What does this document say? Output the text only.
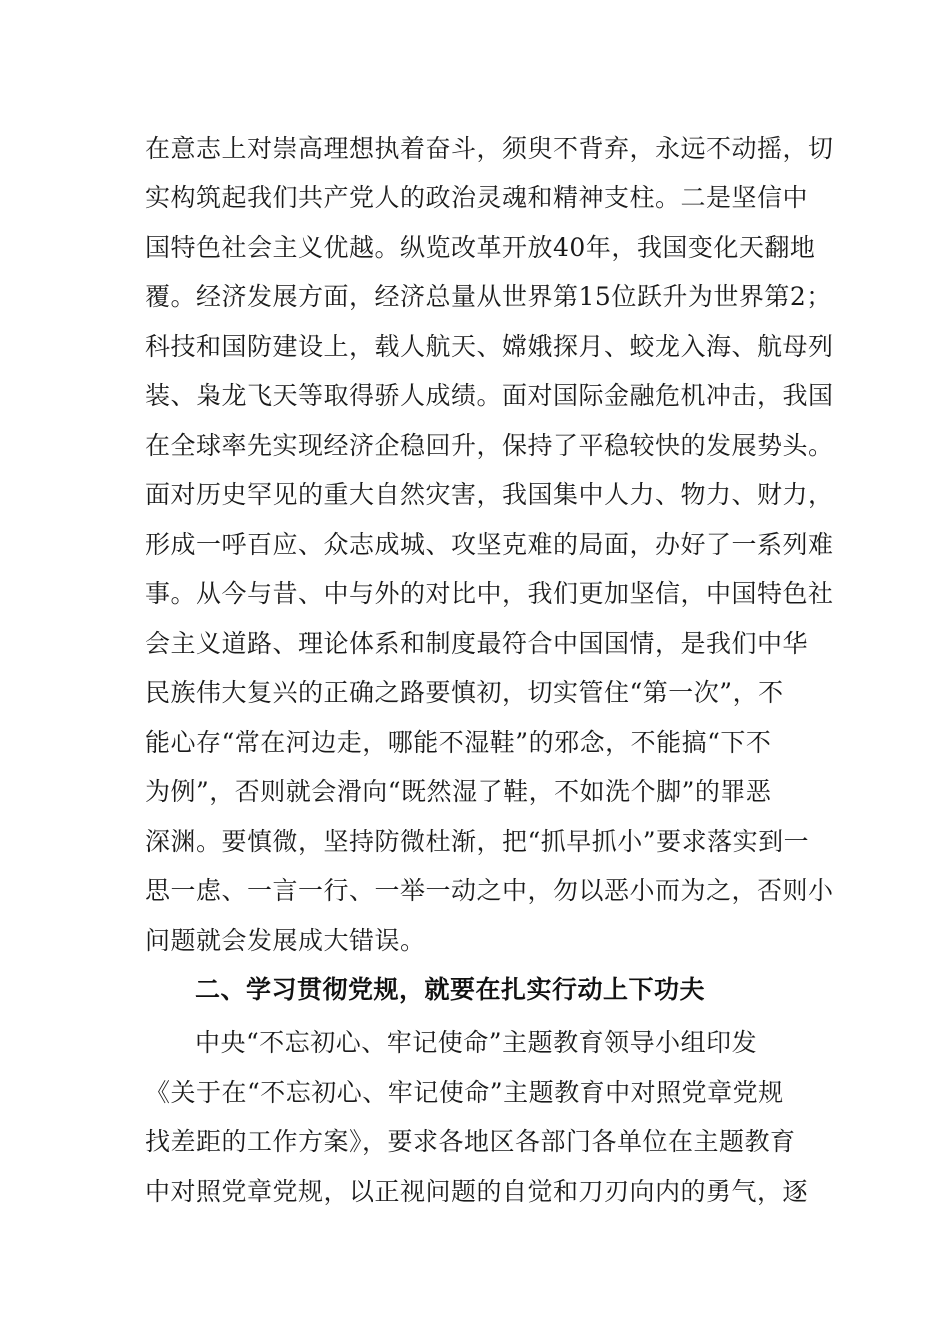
在意志上对崇高理想执着奋斗，须臾不背弃，永远不动摇，切
实构筑起我们共产党人的政治灵魂和精神支柱。二是坚信中
国特色社会主义优越。纵览改革开放40年，我国变化天翻地
覆。经济发展方面，经济总量从世界第15位跃升为世界第2；
科技和国防建设上，载人航天、嫦娥探月、蛟龙入海、航母列
装、枭龙飞天等取得骄人成绩。面对国际金融危机冲击，我国
在全球率先实现经济企稳回升，保持了平稳较快的发展势头。
面对历史罕见的重大自然灾害，我国集中人力、物力、财力，
形成一呼百应、众志成城、攻坚克难的局面，办好了一系列难
事。从今与昔、中与外的对比中，我们更加坚信，中国特色社
会主义道路、理论体系和制度最符合中国国情，是我们中华
民族伟大复兴的正确之路要慎初，切实管住“第一次”，不
能心存“常在河边走，哪能不湿鞋”的邪念，不能搞“下不
为例”，否则就会滑向“既然湿了鞋，不如洗个脚”的罪恶
深渊。要慎微，坚持防微杜渐，把“抓早抓小”要求落实到一
思一虑、一言一行、一举一动之中，勿以恶小而为之，否则小
问题就会发展成大错误。
二、学习贯彻党规，就要在扎实行动上下功夫
中央“不忘初心、牢记使命”主题教育领导小组印发
《关于在“不忘初心、牢记使命”主题教育中对照党章党规
找差距的工作方案》，要求各地区各部门各单位在主题教育
中对照党章党规，以正视问题的自觉和刀刃向内的勇气，逐
